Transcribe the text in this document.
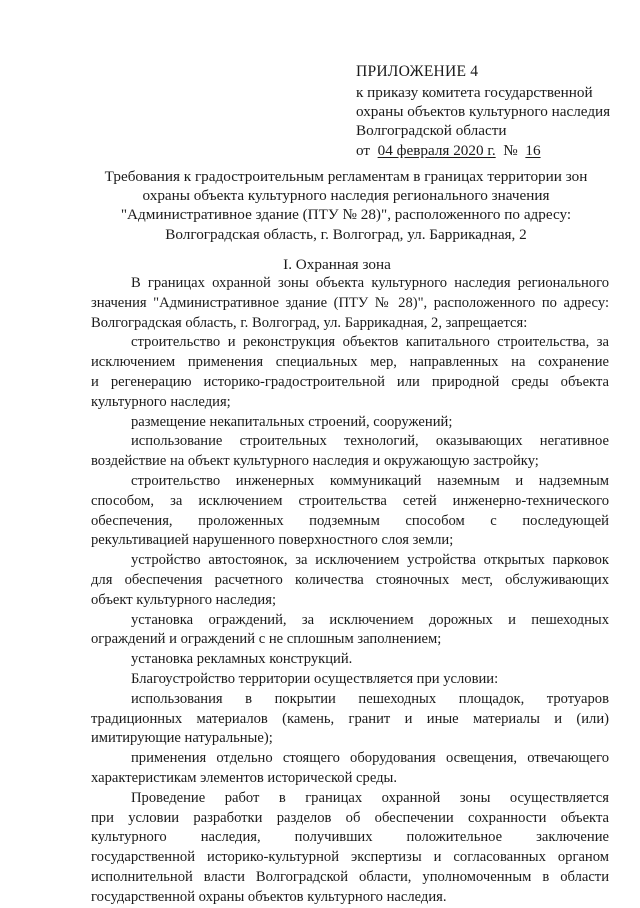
ПРИЛОЖЕНИЕ 4
к приказу комитета государственной
охраны объектов культурного наследия
Волгоградской области
от 04 февраля 2020 г. № 16
Требования к градостроительным регламентам в границах территории зон
охраны объекта культурного наследия регионального значения
"Административное здание (ПТУ № 28)", расположенного по адресу:
Волгоградская область, г. Волгоград, ул. Баррикадная, 2
I. Охранная зона
В границах охранной зоны объекта культурного наследия регионального
значения "Административное здание (ПТУ № 28)", расположенного по адресу:
Волгоградская область, г. Волгоград, ул. Баррикадная, 2, запрещается:
строительство и реконструкция объектов капитального строительства, за
исключением применения специальных мер, направленных на сохранение
и регенерацию историко-градостроительной или природной среды объекта
культурного наследия;
размещение некапитальных строений, сооружений;
использование строительных технологий, оказывающих негативное
воздействие на объект культурного наследия и окружающую застройку;
строительство инженерных коммуникаций наземным и надземным
способом, за исключением строительства сетей инженерно-технического
обеспечения, проложенных подземным способом с последующей
рекультивацией нарушенного поверхностного слоя земли;
устройство автостоянок, за исключением устройства открытых парковок
для обеспечения расчетного количества стояночных мест, обслуживающих
объект культурного наследия;
установка ограждений, за исключением дорожных и пешеходных
ограждений и ограждений с не сплошным заполнением;
установка рекламных конструкций.
Благоустройство территории осуществляется при условии:
использования в покрытии пешеходных площадок, тротуаров
традиционных материалов (камень, гранит и иные материалы и (или)
имитирующие натуральные);
применения отдельно стоящего оборудования освещения, отвечающего
характеристикам элементов исторической среды.
Проведение работ в границах охранной зоны осуществляется
при условии разработки разделов об обеспечении сохранности объекта
культурного наследия, получивших положительное заключение
государственной историко-культурной экспертизы и согласованных органом
исполнительной власти Волгоградской области, уполномоченным в области
государственной охраны объектов культурного наследия.
